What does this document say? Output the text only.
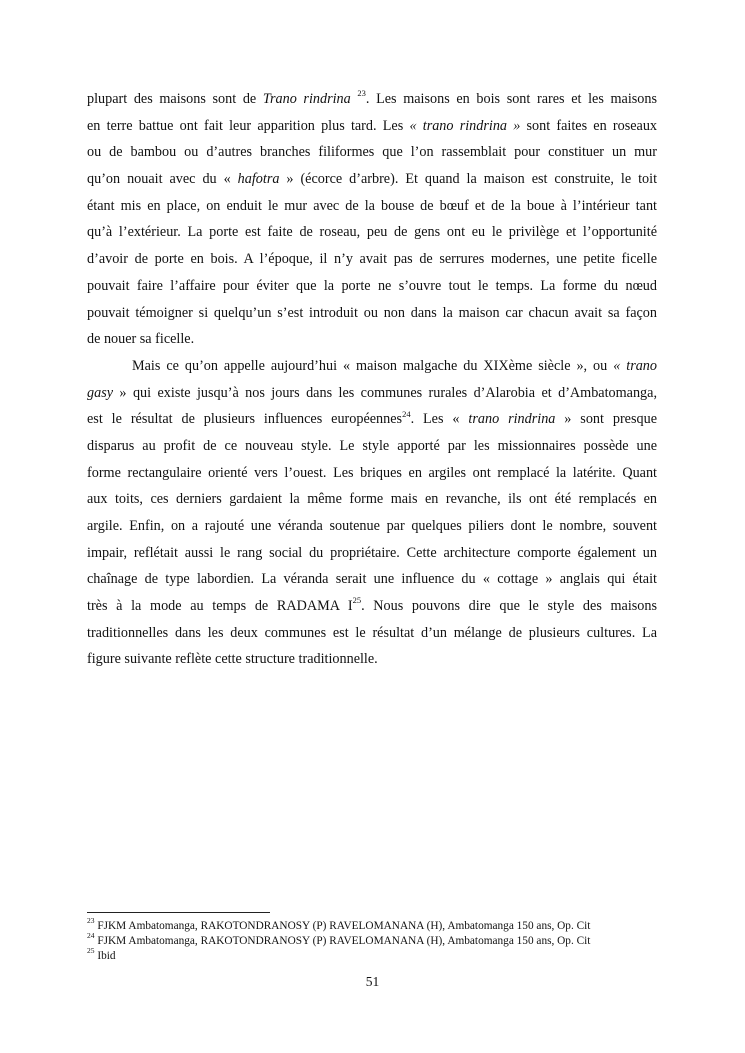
plupart des maisons sont de Trano rindrina $^{23}$. Les maisons en bois sont rares et les maisons
en terre battue ont fait leur apparition plus tard. Les « trano rindrina » sont faites en roseaux
ou de bambou ou d’autres branches filiformes que l’on rassemblait pour constituer un mur
qu’on nouait avec du « hafotra » (écorce d’arbre). Et quand la maison est construite, le toit
étant mis en place, on enduit le mur avec de la bouse de bœuf et de la boue à l’intérieur tant
qu’à l’extérieur. La porte est faite de roseau, peu de gens ont eu le privilège et l’opportunité
d’avoir de porte en bois. A l’époque, il n’y avait pas de serrures modernes, une petite ficelle
pouvait faire l’affaire pour éviter que la porte ne s’ouvre tout le temps. La forme du nœud
pouvait témoigner si quelqu’un s’est introduit ou non dans la maison car chacun avait sa façon
de nouer sa ficelle.
Mais ce qu’on appelle aujourd’hui « maison malgache du XIXème siècle », ou « trano
gasy » qui existe jusqu’à nos jours dans les communes rurales d’Alarobia et d’Ambatomanga,
est le résultat de plusieurs influences européennes$^{24}$. Les « trano rindrina » sont presque
disparus au profit de ce nouveau style. Le style apporté par les missionnaires possède une
forme rectangulaire orienté vers l’ouest. Les briques en argiles ont remplacé la latérite. Quant
aux toits, ces derniers gardaient la même forme mais en revanche, ils ont été remplacés en
argile. Enfin, on a rajouté une véranda soutenue par quelques piliers dont le nombre, souvent
impair, reflétait aussi le rang social du propriétaire. Cette architecture comporte également un
chaînage de type labordien. La véranda serait une influence du « cottage » anglais qui était
très à la mode au temps de RADAMA $I^{25}$. Nous pouvons dire que le style des maisons
traditionnelles dans les deux communes est le résultat d’un mélange de plusieurs cultures. La
figure suivante reflète cette structure traditionnelle.
$^{23}$ FJKM Ambatomanga, RAKOTONDRANOSY (P) RAVELOMANANA (H), Ambatomanga 150 ans, Op. Cit
$^{24}$ FJKM Ambatomanga, RAKOTONDRANOSY (P) RAVELOMANANA (H), Ambatomanga 150 ans, Op. Cit
$^{25}$ Ibid
51
